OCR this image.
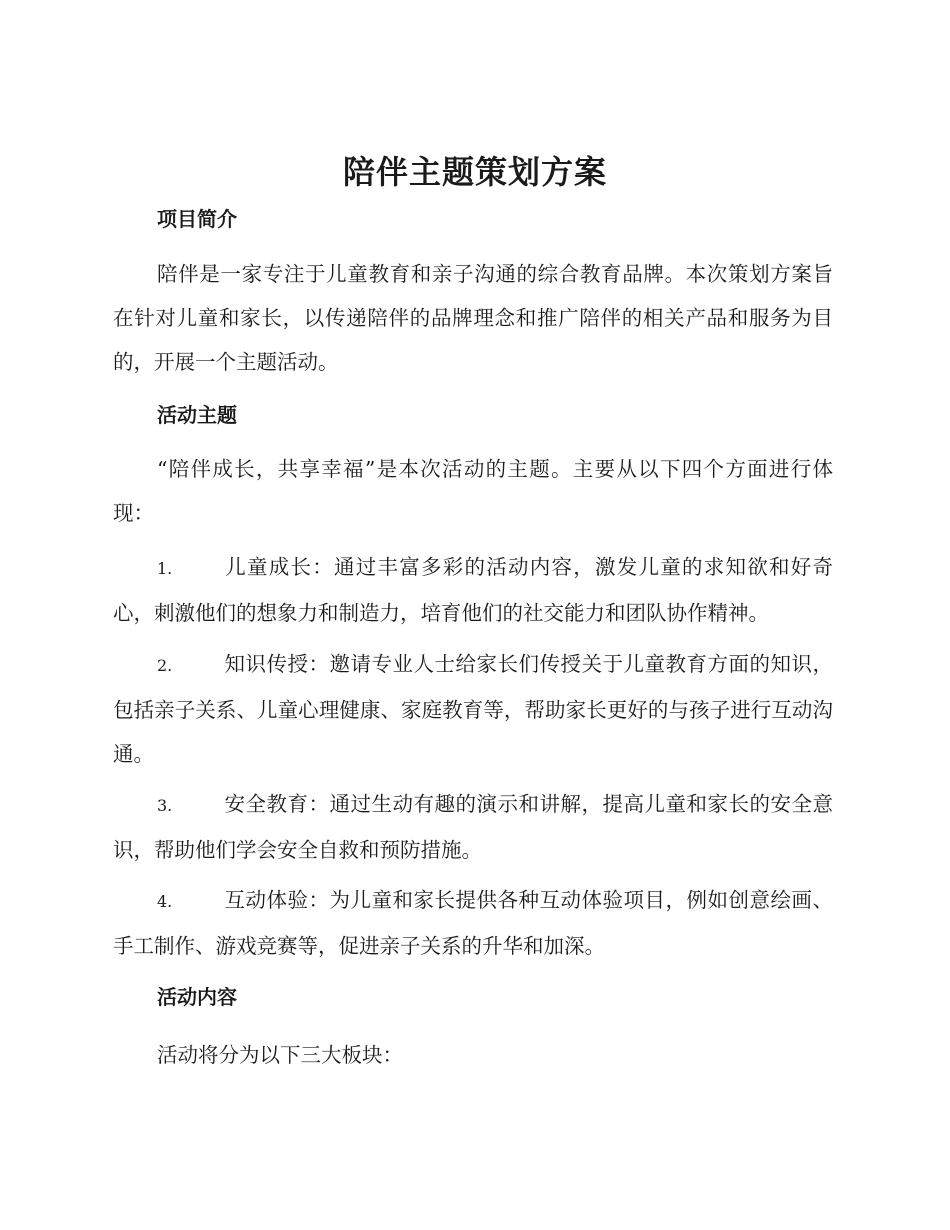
陪伴主题策划方案
项目简介

陪伴是一家专注于儿童教育和亲子沟通的综合教育品牌。本次策划方案旨在针对儿童和家长，以传递陪伴的品牌理念和推广陪伴的相关产品和服务为目的，开展一个主题活动。

活动主题

“陪伴成长，共享幸福”是本次活动的主题。主要从以下四个方面进行体现：

1.	儿童成长：通过丰富多彩的活动内容，激发儿童的求知欲和好奇心，刺激他们的想象力和制造力，培育他们的社交能力和团队协作精神。

2.	知识传授：邀请专业人士给家长们传授关于儿童教育方面的知识，包括亲子关系、儿童心理健康、家庭教育等，帮助家长更好的与孩子进行互动沟通。

3.	安全教育：通过生动有趣的演示和讲解，提高儿童和家长的安全意识，帮助他们学会安全自救和预防措施。

4.	互动体验：为儿童和家长提供各种互动体验项目，例如创意绘画、手工制作、游戏竞赛等，促进亲子关系的升华和加深。

活动内容

活动将分为以下三大板块：
